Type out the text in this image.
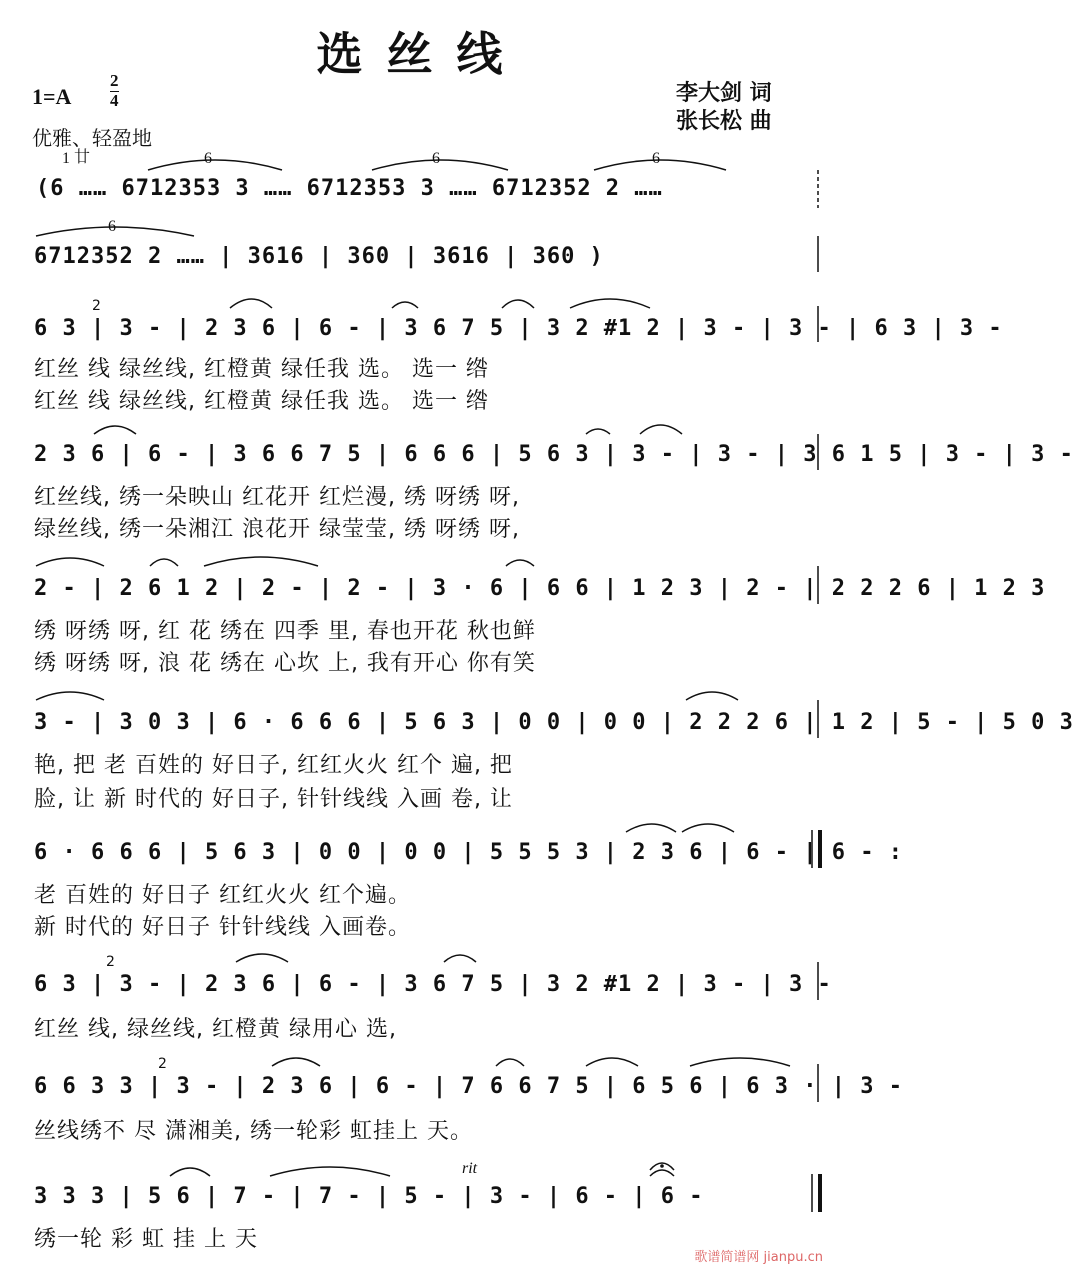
选丝线
1=A
2
4
优雅、轻盈地
李大剑 词
张长松 曲
1 廿
(6 …… 6712353 3 …… 6712353 3 …… 6712352 2 ……
6	6	6
6
6712352 2 …… | 3616 | 360 | 3616 | 360 )
6 3 | 3 - | 2 3 6 | 6 - | 3 6 7 5 | 3 2 #1 2 | 3 - | 3 - | 6 3 | 3 -
2
红丝 线 绿丝线, 红橙黄 绿任我 选。 选一 绺
红丝 线 绿丝线, 红橙黄 绿任我 选。 选一 绺
2 3 6 | 6 - | 3 6 6 7 5 | 6 6 6 | 5 6 3 | 3 - | 3 - | 3 6 1 5 | 3 - | 3 -
红丝线, 绣一朵映山 红花开 红烂漫, 绣 呀绣 呀,
绿丝线, 绣一朵湘江 浪花开 绿莹莹, 绣 呀绣 呀,
2 - | 2 6 1 2 | 2 - | 2 - | 3 · 6 | 6 6 | 1 2 3 | 2 - | 2 2 2 6 | 1 2 3
绣 呀绣 呀, 红 花 绣在 四季 里, 春也开花 秋也鲜
绣 呀绣 呀, 浪 花 绣在 心坎 上, 我有开心 你有笑
3 - | 3 0 3 | 6 · 6 6 6 | 5 6 3 | 0 0 | 0 0 | 2 2 2 6 | 1 2 | 5 - | 5 0 3
艳, 把 老 百姓的 好日子, 红红火火 红个 遍, 把
脸, 让 新 时代的 好日子, 针针线线 入画 卷, 让
6 · 6 6 6 | 5 6 3 | 0 0 | 0 0 | 5 5 5 3 | 2 3 6 | 6 - | 6 - :
老 百姓的 好日子 红红火火 红个遍。
新 时代的 好日子 针针线线 入画卷。
6 3 | 3 - | 2 3 6 | 6 - | 3 6 7 5 | 3 2 #1 2 | 3 - | 3 -
2
红丝 线, 绿丝线, 红橙黄 绿用心 选,
6 6 3 3 | 3 - | 2 3 6 | 6 - | 7 6 6 7 5 | 6 5 6 | 6 3 · | 3 -
2
丝线绣不 尽 潇湘美, 绣一轮彩 虹挂上 天。
rit
3 3 3 | 5 6 | 7 - | 7 - | 5 - | 3 - | 6 - | 6 -
绣一轮 彩 虹 挂 上 天
歌谱简谱网 jianpu.cn
